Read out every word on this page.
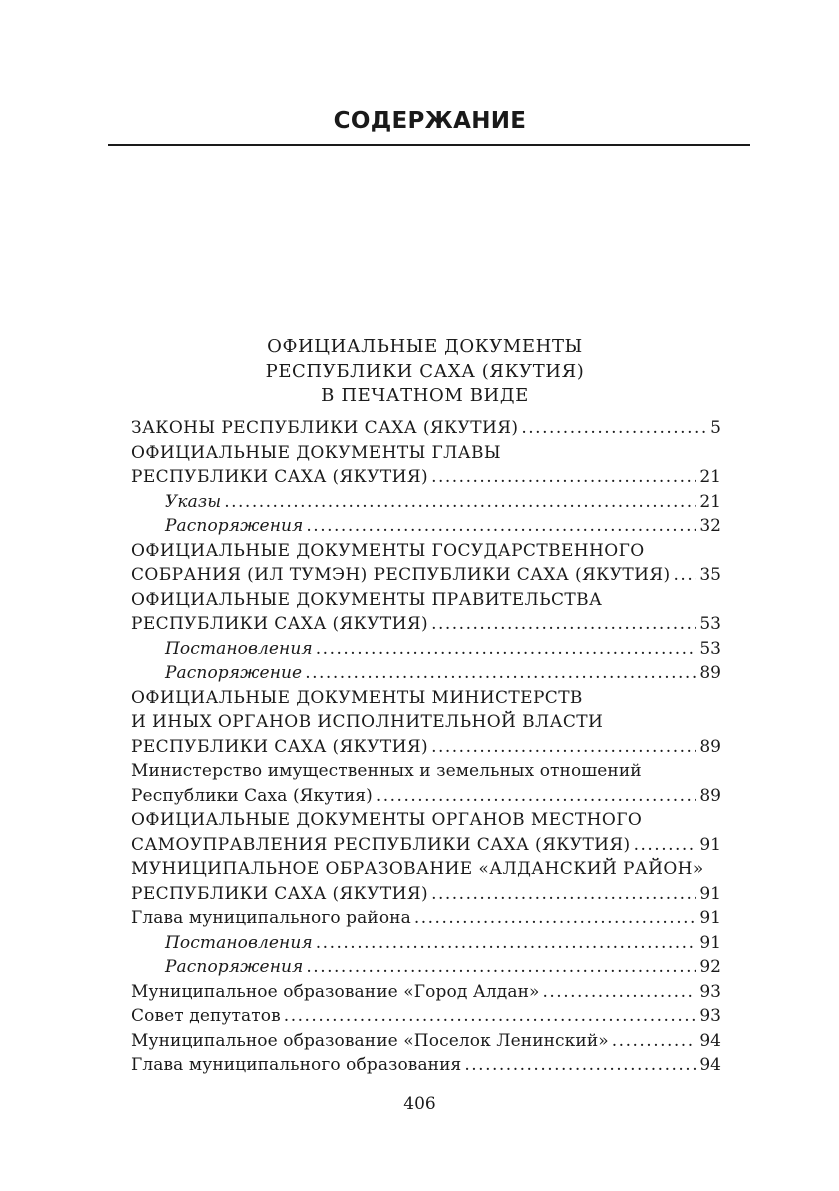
СОДЕРЖАНИЕ
ОФИЦИАЛЬНЫЕ ДОКУМЕНТЫ
РЕСПУБЛИКИ САХА (ЯКУТИЯ)
В ПЕЧАТНОМ ВИДЕ
ЗАКОНЫ РЕСПУБЛИКИ САХА (ЯКУТИЯ) .....	5
ОФИЦИАЛЬНЫЕ ДОКУМЕНТЫ ГЛАВЫ
РЕСПУБЛИКИ САХА (ЯКУТИЯ) .....	21
Указы .....	21
Распоряжения .....	32
ОФИЦИАЛЬНЫЕ ДОКУМЕНТЫ ГОСУДАРСТВЕННОГО
СОБРАНИЯ (ИЛ ТУМЭН) РЕСПУБЛИКИ САХА (ЯКУТИЯ) ..... 35
ОФИЦИАЛЬНЫЕ ДОКУМЕНТЫ ПРАВИТЕЛЬСТВА
РЕСПУБЛИКИ САХА (ЯКУТИЯ) .....	53
Постановления .....	53
Распоряжение .....	89
ОФИЦИАЛЬНЫЕ ДОКУМЕНТЫ МИНИСТЕРСТВ
И ИНЫХ ОРГАНОВ ИСПОЛНИТЕЛЬНОЙ ВЛАСТИ
РЕСПУБЛИКИ САХА (ЯКУТИЯ) .....	89
Министерство имущественных и земельных отношений
Республики Саха (Якутия) .....	89
ОФИЦИАЛЬНЫЕ ДОКУМЕНТЫ ОРГАНОВ МЕСТНОГО
САМОУПРАВЛЕНИЯ РЕСПУБЛИКИ САХА (ЯКУТИЯ) .....	91
МУНИЦИПАЛЬНОЕ ОБРАЗОВАНИЕ «АЛДАНСКИЙ РАЙОН»
РЕСПУБЛИКИ САХА (ЯКУТИЯ) .....	91
Глава муниципального района .....	91
Постановления .....	91
Распоряжения .....	92
Муниципальное образование «Город Алдан» .....	93
Совет депутатов .....	93
Муниципальное образование «Поселок Ленинский» .....	94
Глава муниципального образования .....	94
406
